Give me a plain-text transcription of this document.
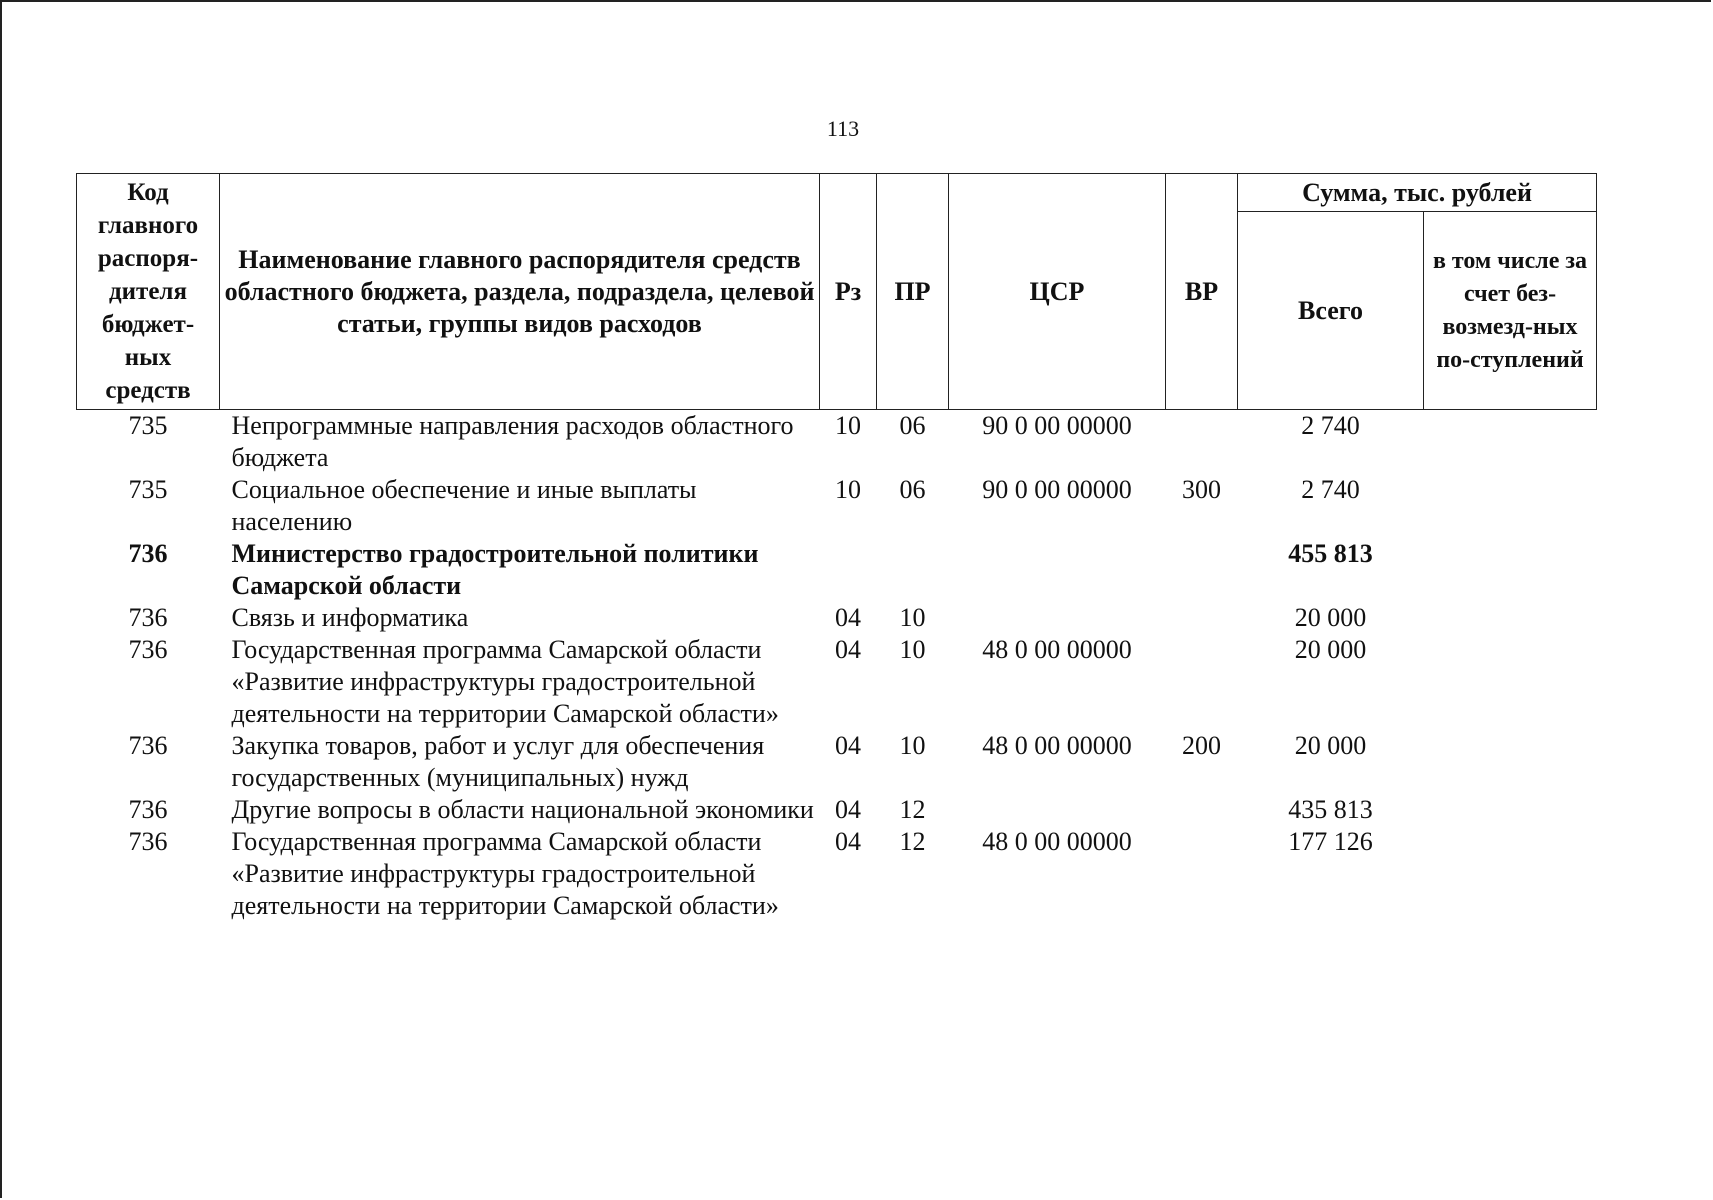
113
Код главного распоря-дителя бюджет-ных средств	Наименование главного распорядителя средств областного бюджета, раздела, подраздела, целевой статьи, группы видов расходов	Рз	ПР	ЦСР	ВР	Сумма, тыс. рублей	
						Всего	в том числе за счет без-возмезд-ных по-ступлений
735	Непрограммные направления расходов областного бюджета	10	06	90 0 00 00000		2 740	
735	Социальное обеспечение и иные выплаты населению	10	06	90 0 00 00000	300	2 740	
736	Министерство градостроительной политики Самарской области					455 813	
736	Связь и информатика	04	10			20 000	
736	Государственная программа Самарской области «Развитие инфраструктуры градостроительной деятельности на территории Самарской области»	04	10	48 0 00 00000		20 000	
736	Закупка товаров, работ и услуг для обеспечения государственных (муниципальных) нужд	04	10	48 0 00 00000	200	20 000	
736	Другие вопросы в области национальной экономики	04	12			435 813	
736	Государственная программа Самарской области «Развитие инфраструктуры градостроительной деятельности на территории Самарской области»	04	12	48 0 00 00000		177 126	
